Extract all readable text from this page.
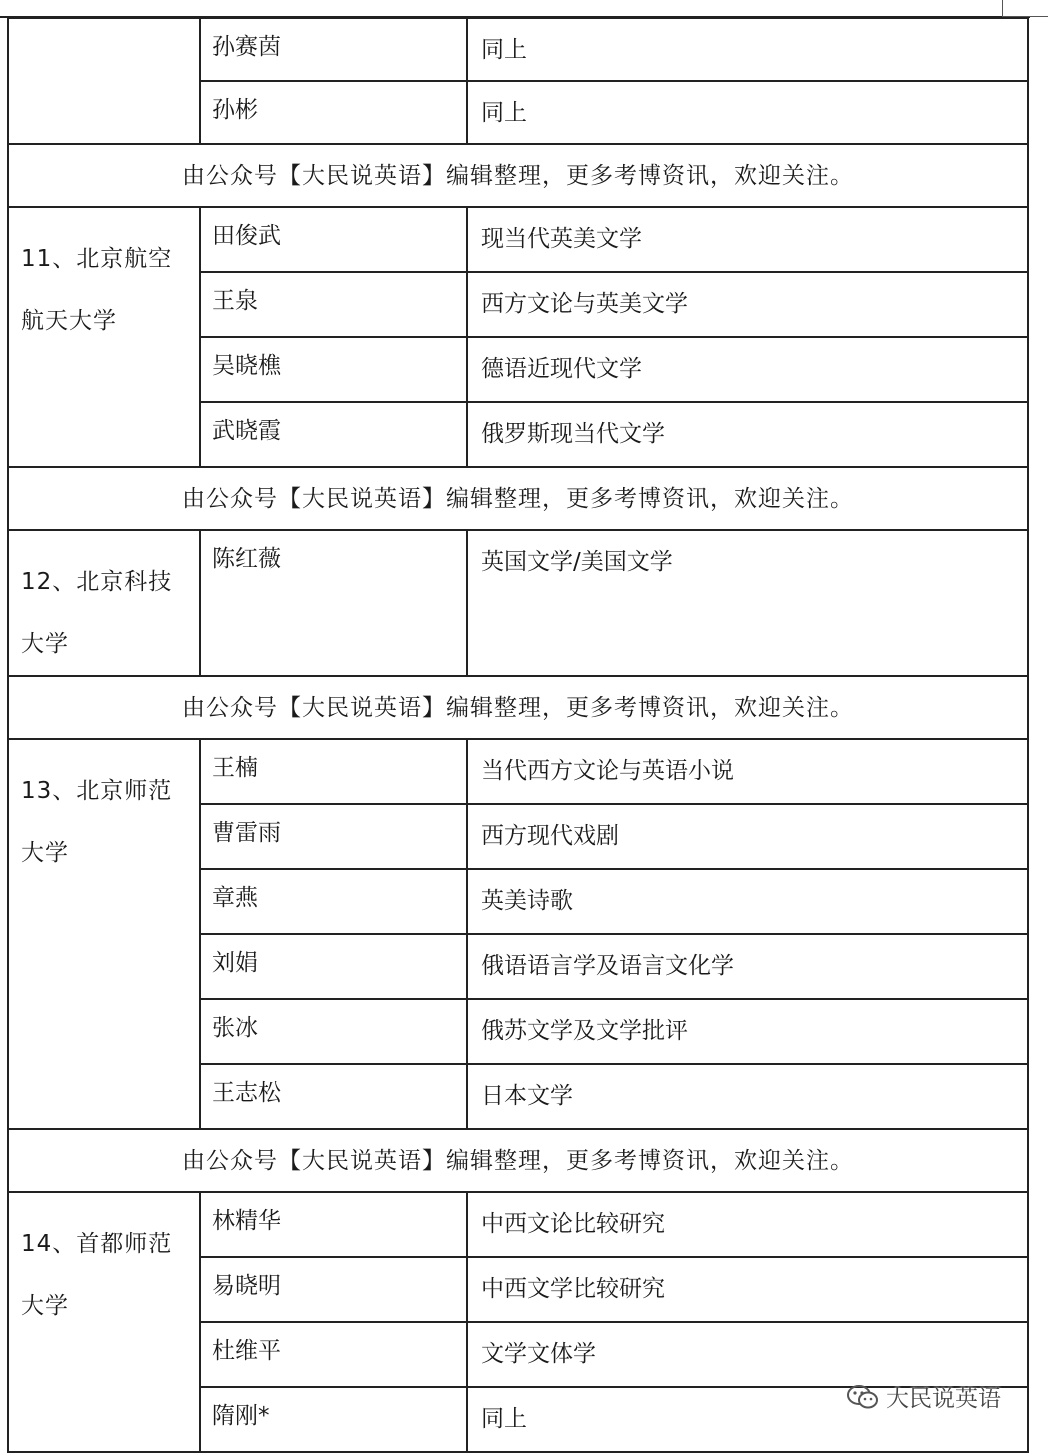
	孙赛茵	同上
	孙彬	同上
由公众号【大民说英语】编辑整理，更多考博资讯，欢迎关注。		
11、北京航空航天大学	田俊武	现当代英美文学
	王泉	西方文论与英美文学
	吴晓樵	德语近现代文学
	武晓霞	俄罗斯现当代文学
由公众号【大民说英语】编辑整理，更多考博资讯，欢迎关注。		
12、北京科技大学	陈红薇	英国文学/美国文学
由公众号【大民说英语】编辑整理，更多考博资讯，欢迎关注。		
13、北京师范大学	王楠	当代西方文论与英语小说
	曹雷雨	西方现代戏剧
	章燕	英美诗歌
	刘娟	俄语语言学及语言文化学
	张冰	俄苏文学及文学批评
	王志松	日本文学
由公众号【大民说英语】编辑整理，更多考博资讯，欢迎关注。		
14、首都师范大学	林精华	中西文论比较研究
	易晓明	中西文学比较研究
	杜维平	文学文体学
	隋刚*	同上
大民说英语
